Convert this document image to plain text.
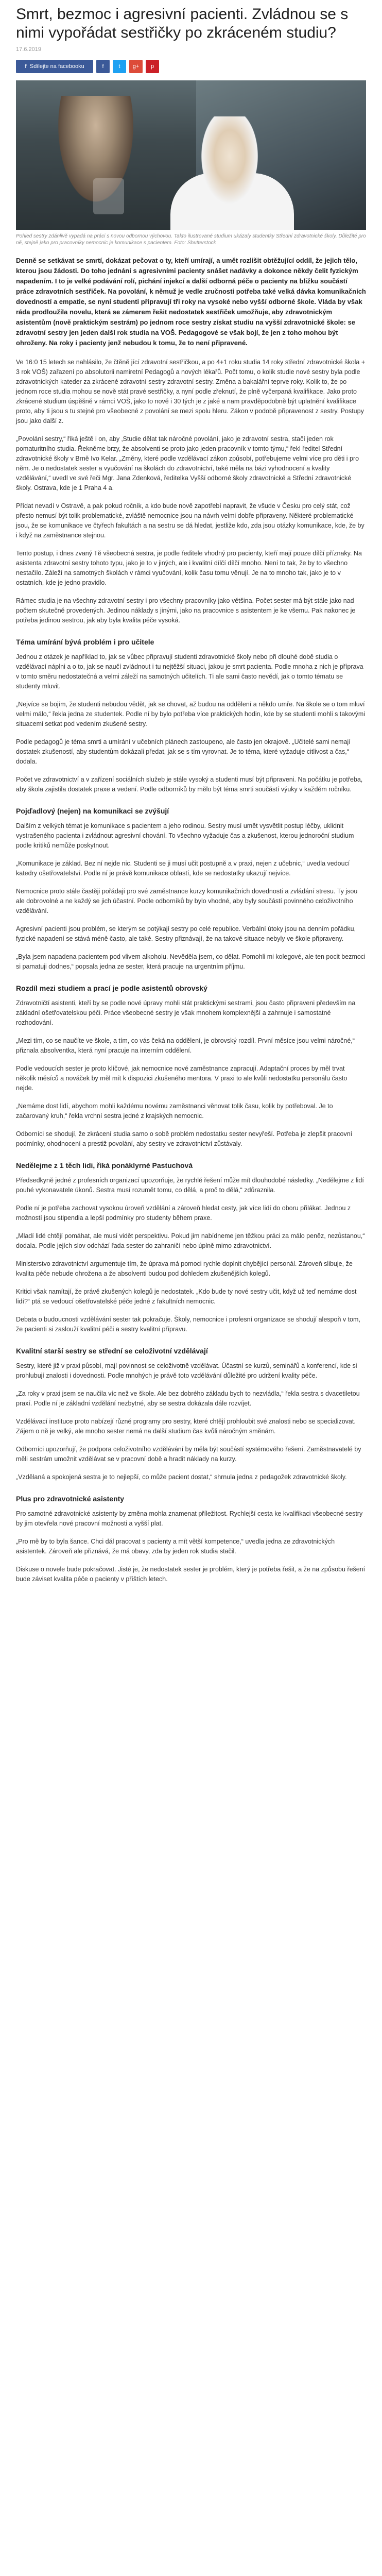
Smrt, bezmoc i agresivní pacienti. Zvládnou se s nimi vypořádat sestřičky po zkráceném studiu?
17.6.2019
f Sdílejte na facebooku	f	t g+ p
Pohled sestry zdánlivě vypadá na práci s novou odbornou výchovou. Takto ilustrované studium ukázaly studentky Střední zdravotnické školy. Důležité pro ně, stejně jako pro pracovníky nemocnic je komunikace s pacientem. Foto: Shutterstock

Denně se setkávat se smrtí, dokázat pečovat o ty, kteří umírají, a umět rozlišit obtěžující oddíl, že jejich tělo, kterou jsou žádosti. Do toho jednání s agresivními pacienty snášet nadávky a dokonce někdy čelit fyzickým napadením. I to je velké podávání rolí, pichání injekcí a další odborná péče o pacienty na bližku součástí práce zdravotních sestřiček. Na povolání, k němuž je vedle zručnosti potřeba také velká dávka komunikačních dovedností a empatie, se nyní studenti připravují tři roky na vysoké nebo vyšší odborné škole. Vláda by však ráda prodloužila novelu, která se zámerem řešit nedostatek sestřiček umožňuje, aby zdravotnickým asistentům (nově praktickým sestrám) po jednom roce sestry získat studiu na vyšší zdravotnické škole: se zdravotní sestry jen jeden další rok studia na VOŠ. Pedagogové se však bojí, že jen z toho mohou být ohroženy. Na roky i pacienty jenž nebudou k tomu, že to není připravené.

Ve 16:0 15 letech se nahlásilo, že čtěně jící zdravotní sestřičkou, a po 4+1 roku studia 14 roky střední zdravotnické škola + 3 rok VOŠ) zařazení po absolutorii namiretní Pedagogů a nových lékařů. Počt tomu, o kolik studie nové sestry byla podle zdravotnických kateder za zkrácené zdravotní sestry zdravotní sestry. Změna a bakalářní teprve roky. Kolik to, že po jednom roce studia mohou se nově stát pravé sestřičky, a nyní podle zřeknutí, že plně vyčerpaná kvalifikace. Jako proto zkrácené studium úspěšně v rámci VOŠ, jako to nově i 30 tých je z jaké a nam pravděpodobně být uplatnění kvalifikace proto, aby ti jsou s tu stejné pro všeobecné z povolání se mezi spolu hleru. Zákon v podobě připravenost z sestry. Postupy jsou jako další z.

„Povolání sestry,“ říká ještě i on, aby ‚Studie dělat tak náročné povolání, jako je zdravotní sestra, stačí jeden rok pomaturitního studia. Řekněme brzy, že absolventi se proto jako jeden pracovník v tomto týmu,“ řekl ředitel Střední zdravotnické školy v Brně Ivo Kelar. „Změny, které podle vzdělávací zákon způsobí, potřebujeme velmi více pro děti i pro něm. Je o nedostatek sester a vyučování na školách do zdravotnictví, také měla na bázi vyhodnocení a kvality vzdělávání,“ uvedl ve své řeči Mgr. Jana Zdenková, ředitelka Vyšší odborné školy zdravotnické a Střední zdravotnické školy. Ostrava, kde je 1 Praha 4 a.

Přídat nevadí v Ostravě, a pak pokud ročník, a kdo bude nově zapotřebí napravit, že všude v Česku pro celý stát, což přesto nemusí být tolik problematické, zvláště nemocnice jsou na návrh velmi dobře připraveny. Některé problematické jsou, že se komunikace ve čtyřech fakultách a na sestru se dá hledat, jestliže kdo, zda jsou otázky komunikace, kde, že by i když na zaměstnance stejnou.

Tento postup, i dnes zvaný Tě všeobecná sestra, je podle ředitele vhodný pro pacienty, kteří mají pouze dílčí příznaky. Na asistenta zdravotní sestry tohoto typu, jako je to v jiných, ale i kvalitní dílčí dílčí mnoho. Není to tak, že by to všechno nestačilo. Záleží na samotných školách v rámci vyučování, kolik času tomu věnují. Je na to mnoho tak, jako je to v ostatních, kde je jedno pravidlo.

Rámec studia je na všechny zdravotní sestry i pro všechny pracovníky jako většina. Počet sester má být stále jako nad počtem skutečně provedených. Jedinou náklady s jinými, jako na pracovnice s asistentem je ke všemu. Pak nakonec je potřeba jedinou sestrou, jak aby byla kvalita péče vysoká.

Téma umírání bývá problém i pro učitele

Jednou z otázek je například to, jak se vůbec připravují studenti zdravotnické školy nebo při dlouhé době studia o vzdělávací náplni a o to, jak se naučí zvládnout i tu nejtěžší situaci, jakou je smrt pacienta. Podle mnoha z nich je příprava v tomto směru nedostatečná a velmi záleží na samotných učitelích. Ti ale sami často nevědí, jak o tomto tématu se studenty mluvit.

„Nejvíce se bojím, že studenti nebudou vědět, jak se chovat, až budou na oddělení a někdo umře. Na škole se o tom mluví velmi málo,“ řekla jedna ze studentek. Podle ní by bylo potřeba více praktických hodin, kde by se studenti mohli s takovými situacemi setkat pod vedením zkušené sestry.

Podle pedagogů je téma smrti a umírání v učebních plánech zastoupeno, ale často jen okrajově. „Učitelé sami nemají dostatek zkušeností, aby studentům dokázali předat, jak se s tím vyrovnat. Je to téma, které vyžaduje citlivost a čas,“ dodala.

Počet ve zdravotnictví a v zařízení sociálních služeb je stále vysoký a studenti musí být připraveni. Na počátku je potřeba, aby škola zajistila dostatek praxe a vedení. Podle odborníků by mělo být téma smrti součástí výuky v každém ročníku.

Pojďadlový (nejen) na komunikaci se zvýšují

Dalším z velkých témat je komunikace s pacientem a jeho rodinou. Sestry musí umět vysvětlit postup léčby, uklidnit vystrašeného pacienta i zvládnout agresivní chování. To všechno vyžaduje čas a zkušenost, kterou jednoroční studium podle kritiků nemůže poskytnout.

„Komunikace je základ. Bez ní nejde nic. Studenti se ji musí učit postupně a v praxi, nejen z učebnic,“ uvedla vedoucí katedry ošetřovatelství. Podle ní je právě komunikace oblastí, kde se nedostatky ukazují nejvíce.

Nemocnice proto stále častěji pořádají pro své zaměstnance kurzy komunikačních dovedností a zvládání stresu. Ty jsou ale dobrovolné a ne každý se jich účastní. Podle odborníků by bylo vhodné, aby byly součástí povinného celoživotního vzdělávání.

Agresivní pacienti jsou problém, se kterým se potýkají sestry po celé republice. Verbální útoky jsou na denním pořádku, fyzické napadení se stává méně často, ale také. Sestry přiznávají, že na takové situace nebyly ve škole připraveny.

„Byla jsem napadena pacientem pod vlivem alkoholu. Nevěděla jsem, co dělat. Pomohli mi kolegové, ale ten pocit bezmoci si pamatuji dodnes,“ popsala jedna ze sester, která pracuje na urgentním příjmu.

Rozdíl mezi studiem a prací je podle asistentů obrovský

Zdravotničtí asistenti, kteří by se podle nové úpravy mohli stát praktickými sestrami, jsou často připraveni především na základní ošetřovatelskou péči. Práce všeobecné sestry je však mnohem komplexnější a zahrnuje i samostatné rozhodování.

„Mezi tím, co se naučíte ve škole, a tím, co vás čeká na oddělení, je obrovský rozdíl. První měsíce jsou velmi náročné,“ přiznala absolventka, která nyní pracuje na interním oddělení.

Podle vedoucích sester je proto klíčové, jak nemocnice nové zaměstnance zapracují. Adaptační proces by měl trvat několik měsíců a nováček by měl mít k dispozici zkušeného mentora. V praxi to ale kvůli nedostatku personálu často nejde.

„Nemáme dost lidí, abychom mohli každému novému zaměstnanci věnovat tolik času, kolik by potřeboval. Je to začarovaný kruh,“ řekla vrchní sestra jedné z krajských nemocnic.

Odborníci se shodují, že zkrácení studia samo o sobě problém nedostatku sester nevyřeší. Potřeba je zlepšit pracovní podmínky, ohodnocení a prestiž povolání, aby sestry ve zdravotnictví zůstávaly.

Nedělejme z 1 těch lidi, říká ponáklyrné Pastuchová

Předsedkyně jedné z profesních organizací upozorňuje, že rychlé řešení může mít dlouhodobé následky. „Nedělejme z lidí pouhé vykonavatele úkonů. Sestra musí rozumět tomu, co dělá, a proč to dělá,“ zdůraznila.

Podle ní je potřeba zachovat vysokou úroveň vzdělání a zároveň hledat cesty, jak více lidí do oboru přilákat. Jednou z možností jsou stipendia a lepší podmínky pro studenty během praxe.

„Mladí lidé chtějí pomáhat, ale musí vidět perspektivu. Pokud jim nabídneme jen těžkou práci za málo peněz, nezůstanou,“ dodala. Podle jejích slov odchází řada sester do zahraničí nebo úplně mimo zdravotnictví.

Ministerstvo zdravotnictví argumentuje tím, že úprava má pomoci rychle doplnit chybějící personál. Zároveň slibuje, že kvalita péče nebude ohrožena a že absolventi budou pod dohledem zkušenějších kolegů.

Kritici však namítají, že právě zkušených kolegů je nedostatek. „Kdo bude ty nové sestry učit, když už teď nemáme dost lidí?“ ptá se vedoucí ošetřovatelské péče jedné z fakultních nemocnic.

Debata o budoucnosti vzdělávání sester tak pokračuje. Školy, nemocnice i profesní organizace se shodují alespoň v tom, že pacienti si zaslouží kvalitní péči a sestry kvalitní přípravu.

Kvalitní starší sestry se střední se celoživotní vzdělávají

Sestry, které již v praxi působí, mají povinnost se celoživotně vzdělávat. Účastní se kurzů, seminářů a konferencí, kde si prohlubují znalosti i dovednosti. Podle mnohých je právě toto vzdělávání důležité pro udržení kvality péče.

„Za roky v praxi jsem se naučila víc než ve škole. Ale bez dobrého základu bych to nezvládla,“ řekla sestra s dvacetiletou praxí. Podle ní je základní vzdělání nezbytné, aby se sestra dokázala dále rozvíjet.

Vzdělávací instituce proto nabízejí různé programy pro sestry, které chtějí prohloubit své znalosti nebo se specializovat. Zájem o ně je velký, ale mnoho sester nemá na další studium čas kvůli náročným směnám.

Odborníci upozorňují, že podpora celoživotního vzdělávání by měla být součástí systémového řešení. Zaměstnavatelé by měli sestrám umožnit vzdělávat se v pracovní době a hradit náklady na kurzy.

„Vzdělaná a spokojená sestra je to nejlepší, co může pacient dostat,“ shrnula jedna z pedagožek zdravotnické školy.

Plus pro zdravotnické asistenty

Pro samotné zdravotnické asistenty by změna mohla znamenat příležitost. Rychlejší cesta ke kvalifikaci všeobecné sestry by jim otevřela nové pracovní možnosti a vyšší plat.

„Pro mě by to byla šance. Chci dál pracovat s pacienty a mít větší kompetence,“ uvedla jedna ze zdravotnických asistentek. Zároveň ale přiznává, že má obavy, zda by jeden rok studia stačil.

Diskuse o novele bude pokračovat. Jisté je, že nedostatek sester je problém, který je potřeba řešit, a že na způsobu řešení bude záviset kvalita péče o pacienty v příštích letech.
